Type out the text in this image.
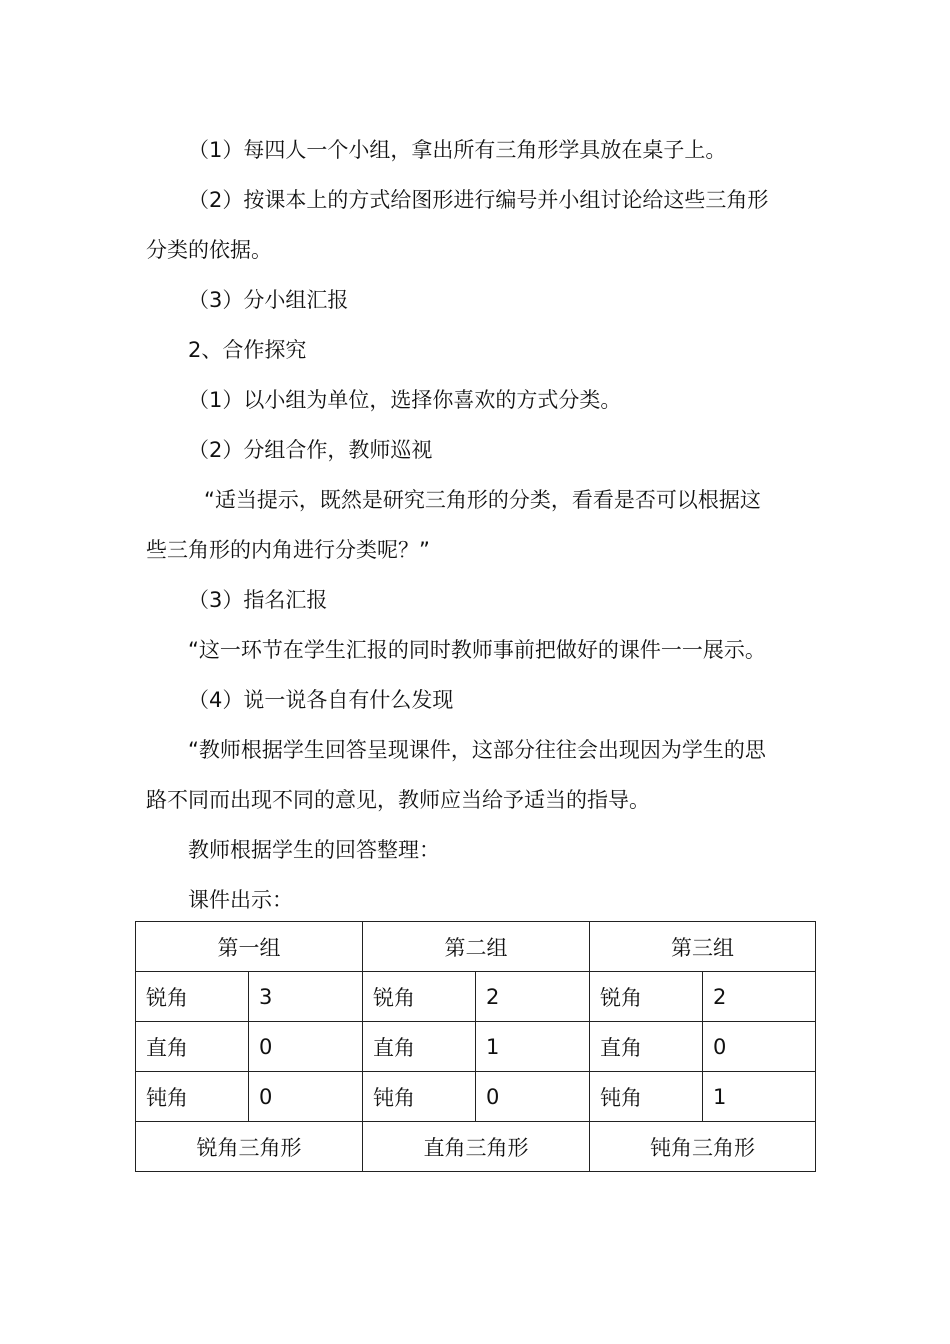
（1）每四人一个小组，拿出所有三角形学具放在桌子上。
（2）按课本上的方式给图形进行编号并小组讨论给这些三角形
分类的依据。
（3）分小组汇报
2、合作探究
（1）以小组为单位，选择你喜欢的方式分类。
（2）分组合作，教师巡视
“适当提示，既然是研究三角形的分类，看看是否可以根据这
些三角形的内角进行分类呢？”
（3）指名汇报
“这一环节在学生汇报的同时教师事前把做好的课件一一展示。
（4）说一说各自有什么发现
“教师根据学生回答呈现课件，这部分往往会出现因为学生的思
路不同而出现不同的意见，教师应当给予适当的指导。
教师根据学生的回答整理：
课件出示：
第一组		第二组		第三组	
锐角	3	锐角	2	锐角	2
直角	0	直角	1	直角	0
钝角	0	钝角	0	钝角	1
锐角三角形		直角三角形		钝角三角形	
